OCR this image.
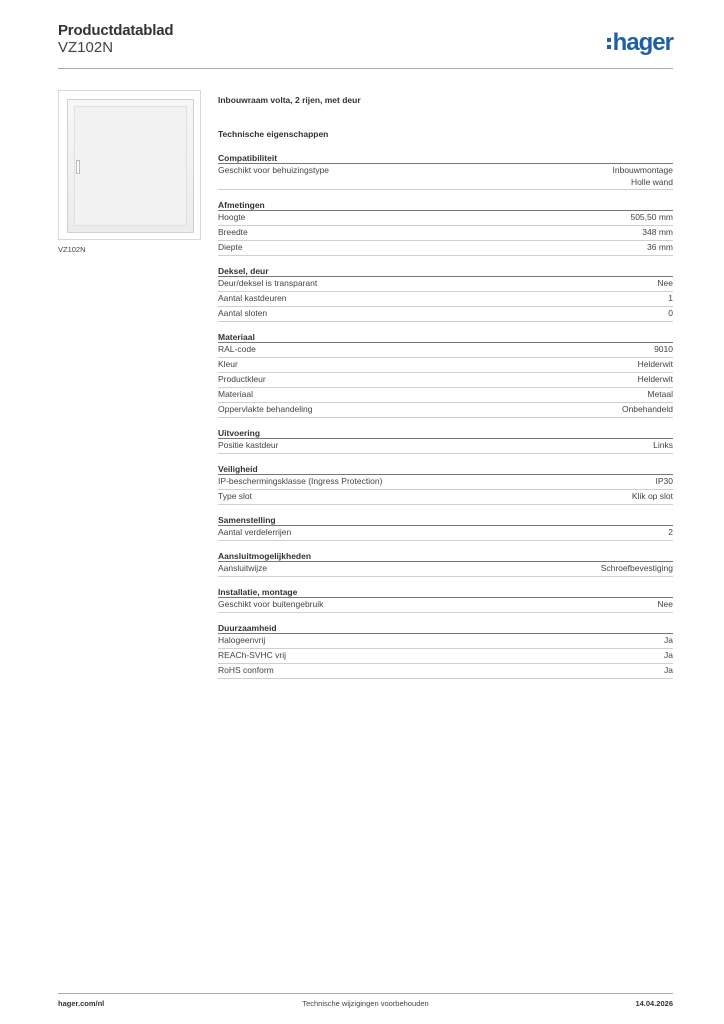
Productdatablad
VZ102N	hager
VZ102N
Inbouwraam volta, 2 rijen, met deur
Technische eigenschappen
Compatibiliteit
Geschikt voor behuizingstype	Inbouwmontage
Holle wand
Afmetingen
Hoogte	505,50 mm
Breedte	348 mm
Diepte	36 mm
Deksel, deur
Deur/deksel is transparant	Nee
Aantal kastdeuren	1
Aantal sloten	0
Materiaal
RAL-code	9010
Kleur	Helderwit
Productkleur	Helderwit
Materiaal	Metaal
Oppervlakte behandeling	Onbehandeld
Uitvoering
Positie kastdeur	Links
Veiligheid
IP-beschermingsklasse (Ingress Protection)	IP30
Type slot	Klik op slot
Samenstelling
Aantal verdelerrijen	2
Aansluitmogelijkheden
Aansluitwijze	Schroefbevestiging
Installatie, montage
Geschikt voor buitengebruik	Nee
Duurzaamheid
Halogeenvrij	Ja
REACh-SVHC vrij	Ja
RoHS conform	Ja
hager.com/nl	Technische wijzigingen voorbehouden	14.04.2026
